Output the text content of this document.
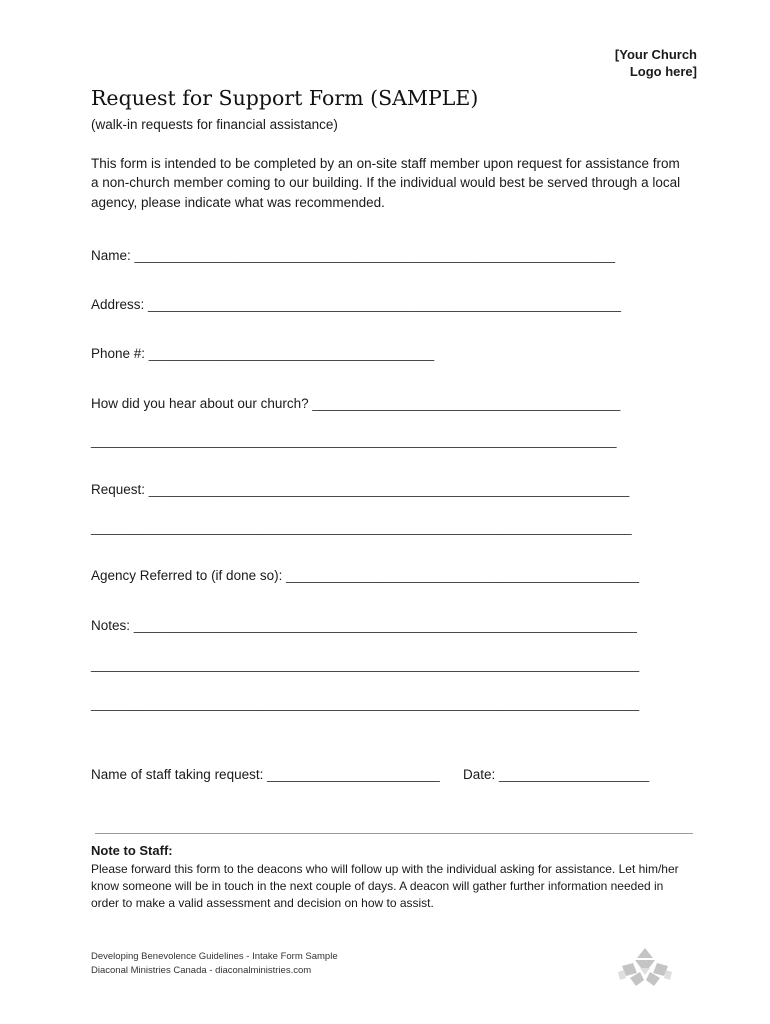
[Your Church
Logo here]
Request for Support Form (SAMPLE)
(walk-in requests for financial assistance)

This form is intended to be completed by an on-site staff member upon request for assistance from a non-church member coming to our building. If the individual would best be served through a local agency, please indicate what was recommended.

Name: ________________________________________________________________
Address: _______________________________________________________________
Phone #: ______________________________________
How did you hear about our church? _________________________________________
______________________________________________________________________
Request: ________________________________________________________________
________________________________________________________________________
Agency Referred to (if done so): _______________________________________________
Notes: ___________________________________________________________________
_________________________________________________________________________
_________________________________________________________________________
Name of staff taking request: _______________________ Date: ____________________
Note to Staff:

Please forward this form to the deacons who will follow up with the individual asking for assistance. Let him/her know someone will be in touch in the next couple of days. A deacon will gather further information needed in order to make a valid assessment and decision on how to assist.

Developing Benevolence Guidelines - Intake Form Sample
Diaconal Ministries Canada - diaconalministries.com
